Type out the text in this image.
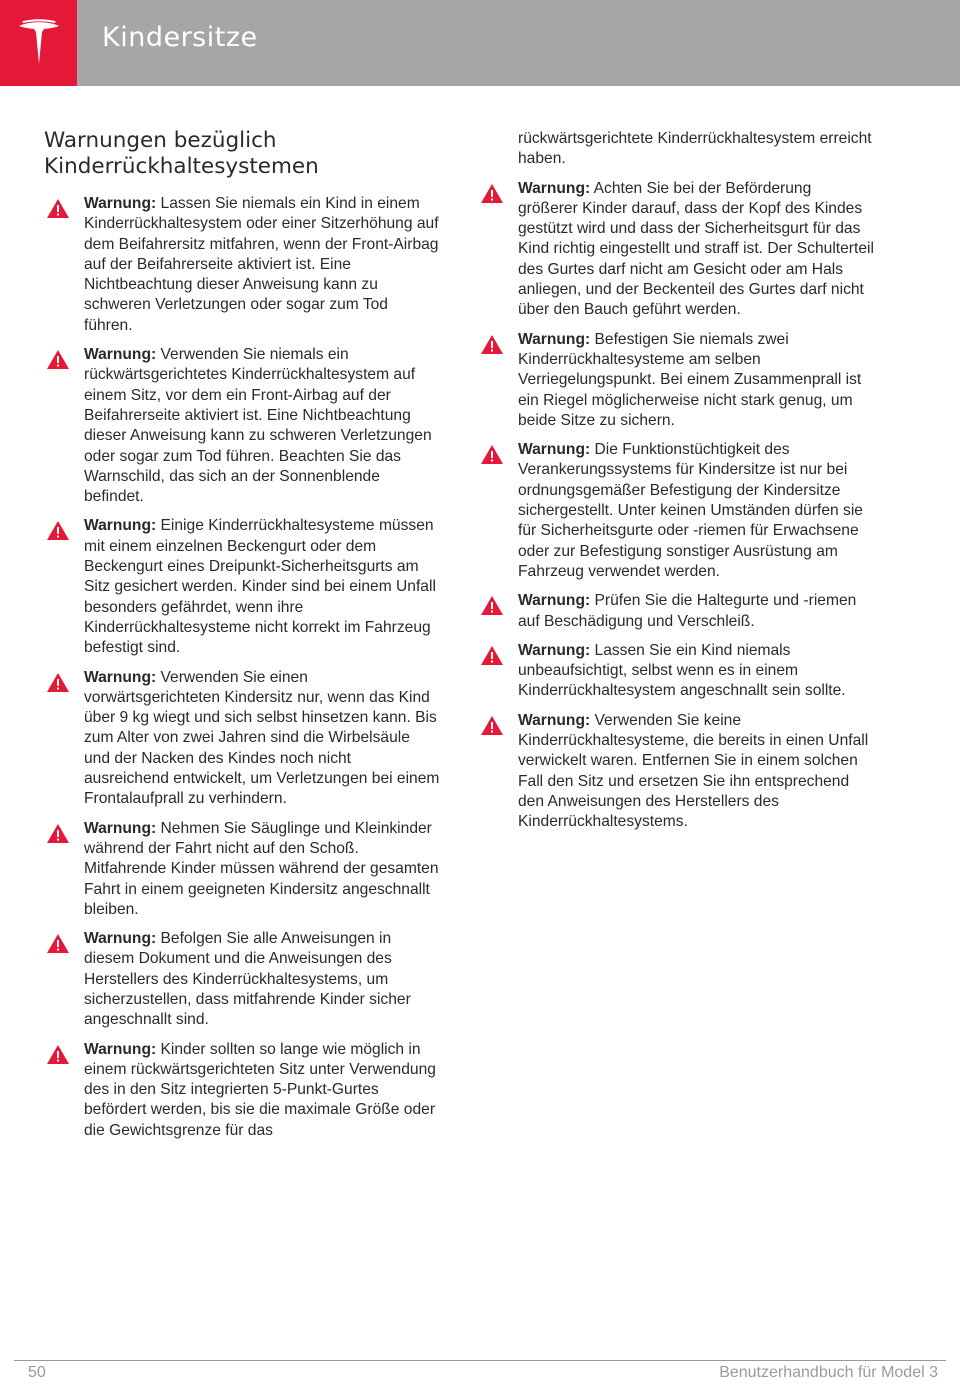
Kindersitze
Warnungen bezüglich
Kinderrückhaltesystemen
Warnung: Lassen Sie niemals ein Kind in einem Kinderrückhaltesystem oder einer Sitzerhöhung auf dem Beifahrersitz mitfahren, wenn der Front-Airbag auf der Beifahrerseite aktiviert ist. Eine Nichtbeachtung dieser Anweisung kann zu schweren Verletzungen oder sogar zum Tod führen.
Warnung: Verwenden Sie niemals ein rückwärtsgerichtetes Kinderrückhaltesystem auf einem Sitz, vor dem ein Front-Airbag auf der Beifahrerseite aktiviert ist. Eine Nichtbeachtung dieser Anweisung kann zu schweren Verletzungen oder sogar zum Tod führen. Beachten Sie das Warnschild, das sich an der Sonnenblende befindet.
Warnung: Einige Kinderrückhaltesysteme müssen mit einem einzelnen Beckengurt oder dem Beckengurt eines Dreipunkt-Sicherheitsgurts am Sitz gesichert werden. Kinder sind bei einem Unfall besonders gefährdet, wenn ihre Kinderrückhaltesysteme nicht korrekt im Fahrzeug befestigt sind.
Warnung: Verwenden Sie einen vorwärtsgerichteten Kindersitz nur, wenn das Kind über 9 kg wiegt und sich selbst hinsetzen kann. Bis zum Alter von zwei Jahren sind die Wirbelsäule und der Nacken des Kindes noch nicht ausreichend entwickelt, um Verletzungen bei einem Frontalaufprall zu verhindern.
Warnung: Nehmen Sie Säuglinge und Kleinkinder während der Fahrt nicht auf den Schoß. Mitfahrende Kinder müssen während der gesamten Fahrt in einem geeigneten Kindersitz angeschnallt bleiben.
Warnung: Befolgen Sie alle Anweisungen in diesem Dokument und die Anweisungen des Herstellers des Kinderrückhaltesystems, um sicherzustellen, dass mitfahrende Kinder sicher angeschnallt sind.
Warnung: Kinder sollten so lange wie möglich in einem rückwärtsgerichteten Sitz unter Verwendung des in den Sitz integrierten 5-Punkt-Gurtes befördert werden, bis sie die maximale Größe oder die Gewichtsgrenze für das
rückwärtsgerichtete Kinderrückhaltesystem erreicht haben.
Warnung: Achten Sie bei der Beförderung größerer Kinder darauf, dass der Kopf des Kindes gestützt wird und dass der Sicherheitsgurt für das Kind richtig eingestellt und straff ist. Der Schulterteil des Gurtes darf nicht am Gesicht oder am Hals anliegen, und der Beckenteil des Gurtes darf nicht über den Bauch geführt werden.
Warnung: Befestigen Sie niemals zwei Kinderrückhaltesysteme am selben Verriegelungspunkt. Bei einem Zusammenprall ist ein Riegel möglicherweise nicht stark genug, um beide Sitze zu sichern.
Warnung: Die Funktionstüchtigkeit des Verankerungssystems für Kindersitze ist nur bei ordnungsgemäßer Befestigung der Kindersitze sichergestellt. Unter keinen Umständen dürfen sie für Sicherheitsgurte oder -riemen für Erwachsene oder zur Befestigung sonstiger Ausrüstung am Fahrzeug verwendet werden.
Warnung: Prüfen Sie die Haltegurte und -riemen auf Beschädigung und Verschleiß.
Warnung: Lassen Sie ein Kind niemals unbeaufsichtigt, selbst wenn es in einem Kinderrückhaltesystem angeschnallt sein sollte.
Warnung: Verwenden Sie keine Kinderrückhaltesysteme, die bereits in einen Unfall verwickelt waren. Entfernen Sie in einem solchen Fall den Sitz und ersetzen Sie ihn entsprechend den Anweisungen des Herstellers des Kinderrückhaltesystems.
50	Benutzerhandbuch für Model 3
